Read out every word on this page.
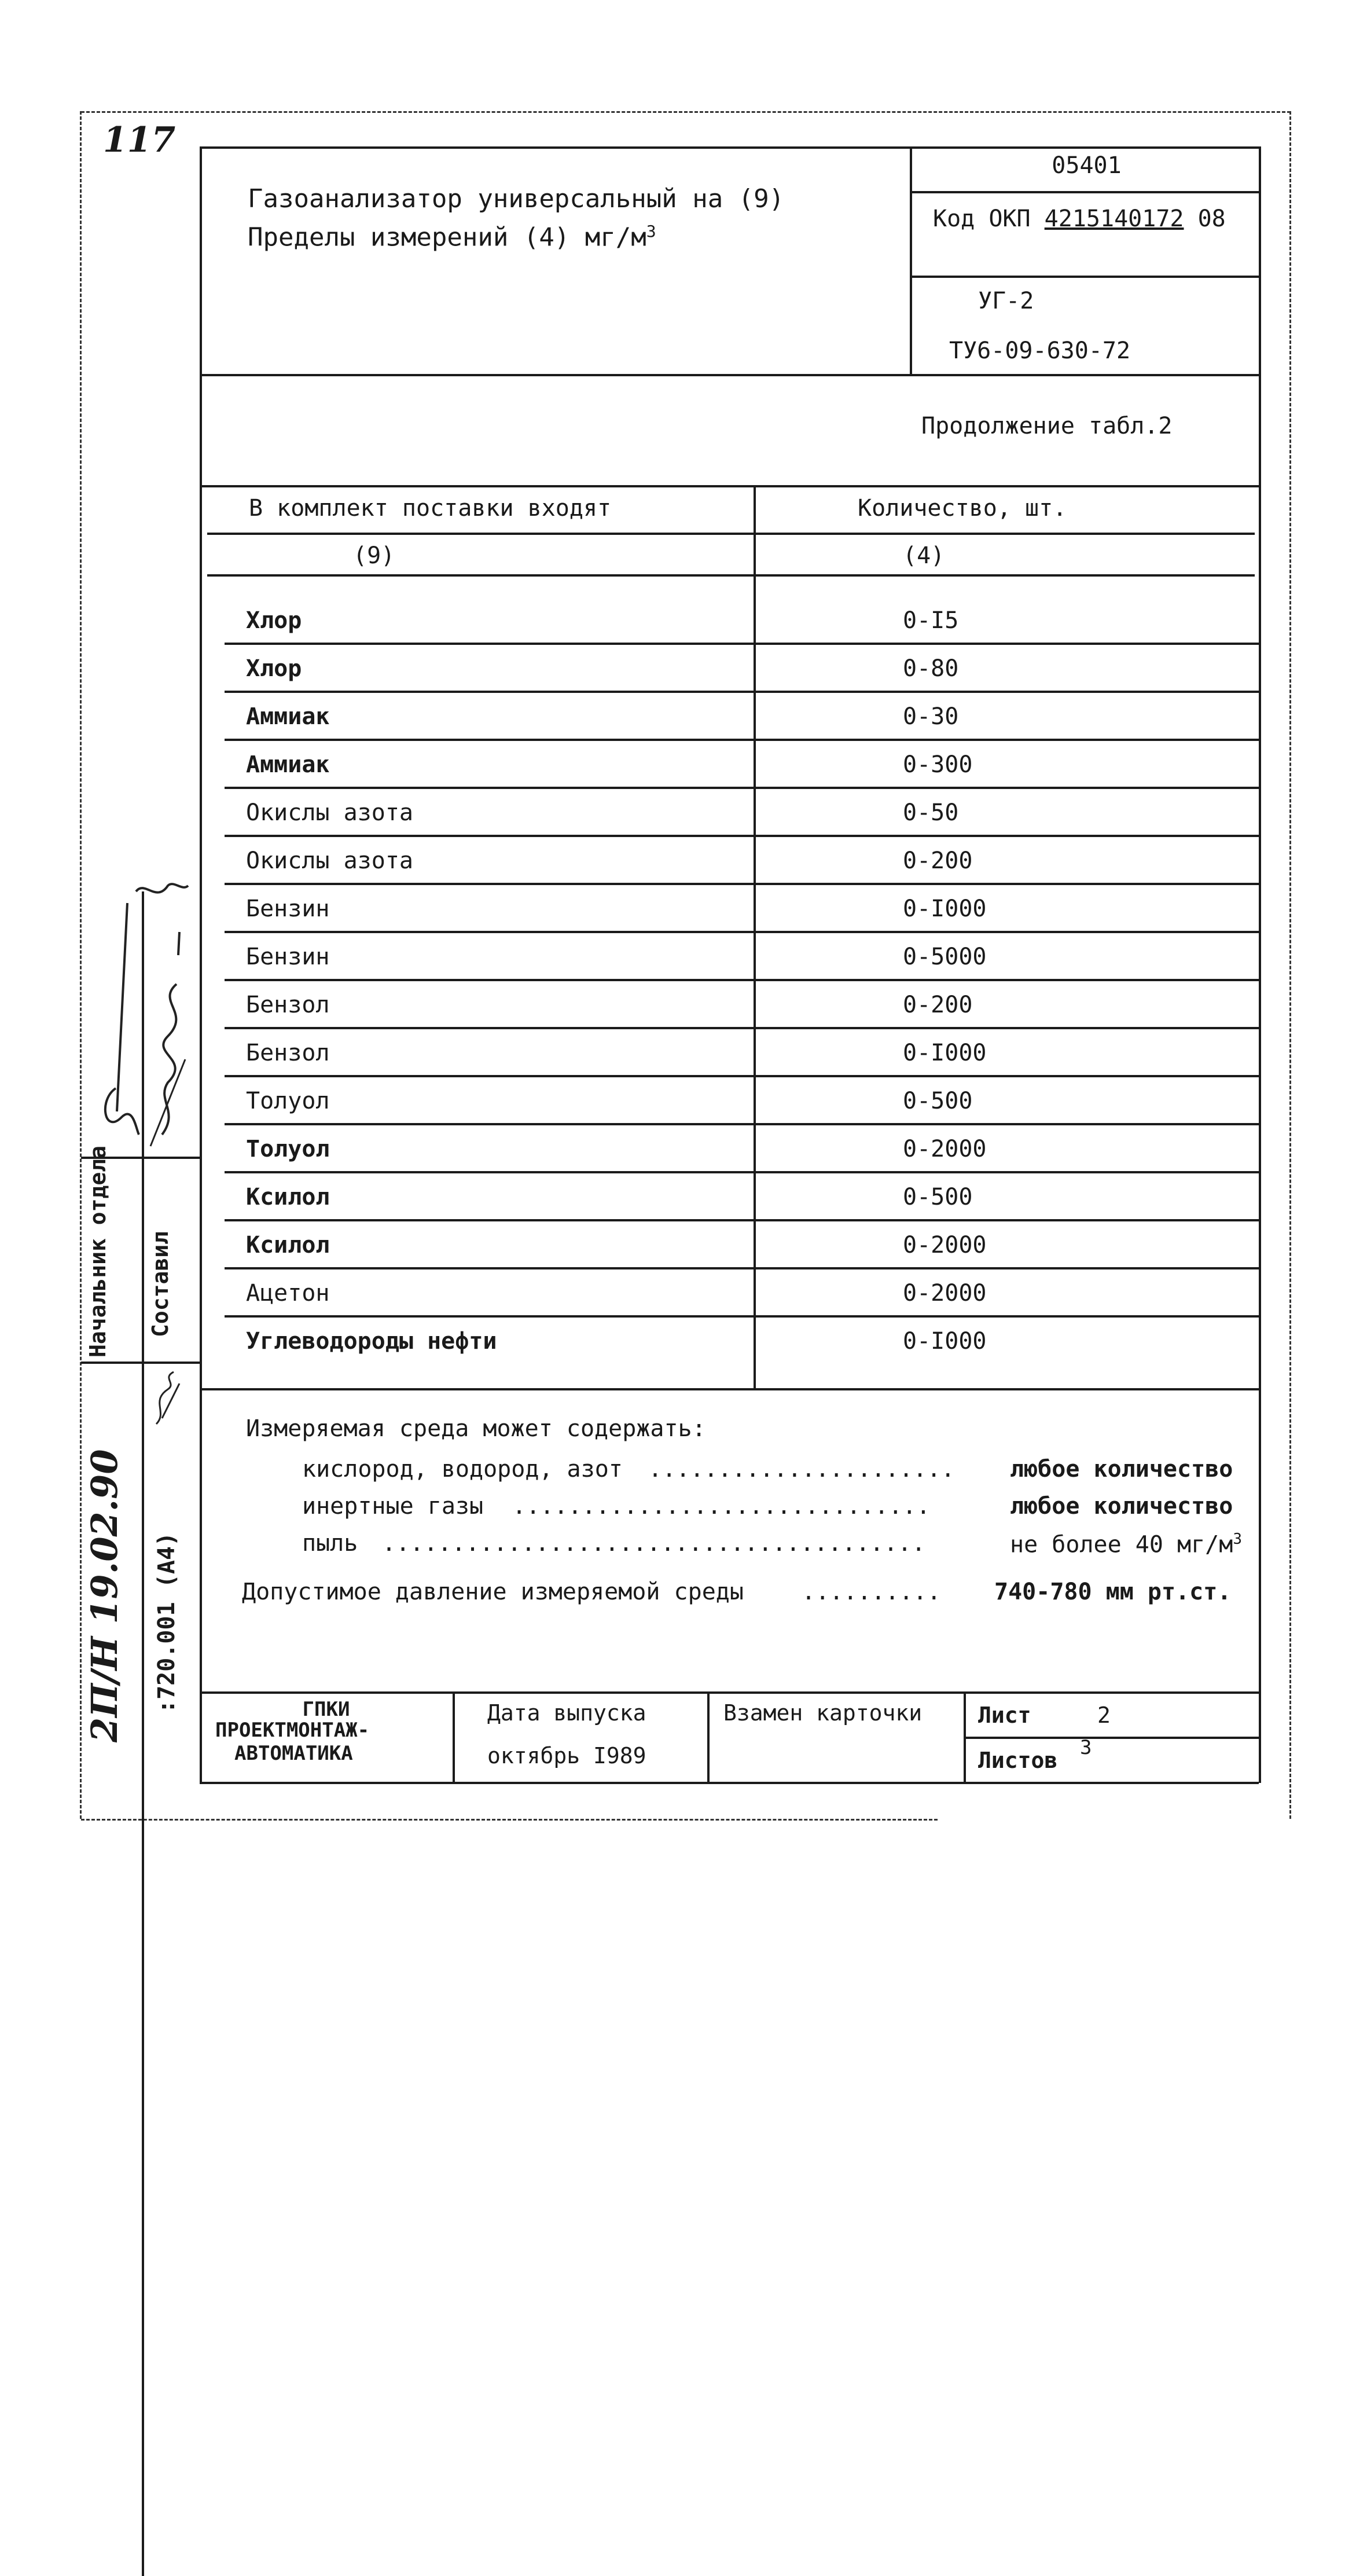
117
Газоанализатор универсальный на (9)
Пределы измерений (4) $мг/м^3$
05401
Код ОКП 4215140172 08
УГ-2
ТУ6-09-630-72
Продолжение табл.2
В комплект поставки входят	Количество, шт.
(9)	(4)
Хлор	0-I5
Хлор	0-80
Аммиак	0-30
Аммиак	0-300
Окислы азота	0-50
Окислы азота	0-200
Бензин	0-I000
Бензин	0-5000
Бензол	0-200
Бензол	0-I000
Толуол	0-500
Толуол	0-2000
Ксилол	0-500
Ксилол	0-2000
Ацетон	0-2000
Углеводороды нефти	0-I000
Измеряемая среда может содержать:
кислород, водород, азот ...................... любое количество
инертные газы ..............................	любое количество
пыль .......................................	не более 40 $мг/м^3$
Допустимое давление измеряемой среды	.......... 740-780 мм рт.ст.
ГПКИ
ПРОЕКТМОНТАЖ-
АВТОМАТИКА
Дата выпуска
октябрь I989
Взамен карточки	Лист	2
Листов 3
Начальник отдела Составил
2П/Н 19.02.90 :720.001 (А4)
